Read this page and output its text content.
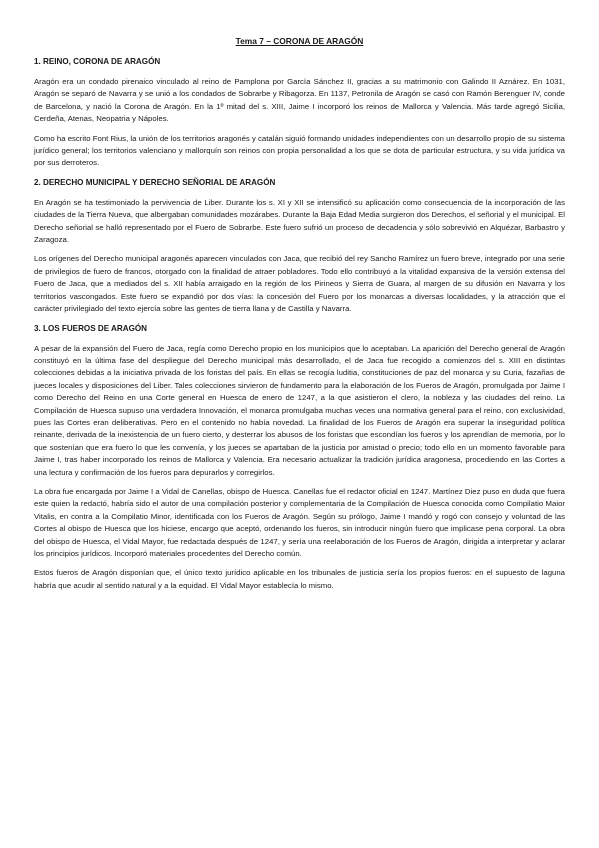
Tema 7 – CORONA DE ARAGÓN
1. REINO, CORONA DE ARAGÓN

Aragón era un condado pirenaico vinculado al reino de Pamplona por García Sánchez II, gracias a su matrimonio con Galindo II Aznárez. En 1031, Aragón se separó de Navarra y se unió a los condados de Sobrarbe y Ribagorza. En 1137, Petronila de Aragón se casó con Ramón Berenguer IV, conde de Barcelona, y nació la Corona de Aragón. En la 1º mitad del s. XIII, Jaime I incorporó los reinos de Mallorca y Valencia. Más tarde agregó Sicilia, Cerdeña, Atenas, Neopatria y Nápoles.

Como ha escrito Font Rius, la unión de los territorios aragonés y catalán siguió formando unidades independientes con un desarrollo propio de su sistema jurídico general; los territorios valenciano y mallorquín son reinos con propia personalidad a los que se dota de particular estructura, y su vida jurídica va por sus derroteros.

2. DERECHO MUNICIPAL Y DERECHO SEÑORIAL DE ARAGÓN

En Aragón se ha testimoniado la pervivencia de Liber. Durante los s. XI y XII se intensificó su aplicación como consecuencia de la incorporación de las ciudades de la Tierra Nueva, que albergaban comunidades mozárabes. Durante la Baja Edad Media surgieron dos Derechos, el señorial y el municipal. El Derecho señorial se halló representado por el Fuero de Sobrarbe. Este fuero sufrió un proceso de decadencia y sólo sobrevivió en Alquézar, Barbastro y Zaragoza.

Los orígenes del Derecho municipal aragonés aparecen vinculados con Jaca, que recibió del rey Sancho Ramírez un fuero breve, integrado por una serie de privilegios de fuero de francos, otorgado con la finalidad de atraer pobladores. Todo ello contribuyó a la vitalidad expansiva de la versión extensa del Fuero de Jaca, que a mediados del s. XII había arraigado en la región de los Pirineos y Sierra de Guara, al margen de su difusión en Navarra y los territorios vascongados. Este fuero se expandió por dos vías: la concesión del Fuero por los monarcas a diversas localidades, y la atracción que el carácter privilegiado del texto ejercía sobre las gentes de tierra llana y de Castilla y Navarra.

3. LOS FUEROS DE ARAGÓN

A pesar de la expansión del Fuero de Jaca, regía como Derecho propio en los municipios que lo aceptaban. La aparición del Derecho general de Aragón constituyó en la última fase del despliegue del Derecho municipal más desarrollado, el de Jaca fue recogido a comienzos del s. XIII en distintas colecciones debidas a la iniciativa privada de los foristas del país. En ellas se recogía luditia, constituciones de paz del monarca y su Curia, fazañas de jueces locales y disposiciones del Liber. Tales colecciones sirvieron de fundamento para la elaboración de los Fueros de Aragón, promulgada por Jaime I como Derecho del Reino en una Corte general en Huesca de enero de 1247, a la que asistieron el clero, la nobleza y las ciudades del reino. La Compilación de Huesca supuso una verdadera Innovación, el monarca promulgaba muchas veces una normativa general para el reino, con exclusividad, pues las Cortes eran deliberativas. Pero en el contenido no había novedad. La finalidad de los Fueros de Aragón era superar la inseguridad política reinante, derivada de la inexistencia de un fuero cierto, y desterrar los abusos de los foristas que escondían los fueros y los aprendían de memoria, por lo que sostenían que era fuero lo que les convenía, y los jueces se apartaban de la justicia por amistad o precio; todo ello en un momento favorable para Jaime I, tras haber incorporado los reinos de Mallorca y Valencia. Era necesario actualizar la tradición jurídica aragonesa, procediendo en las Cortes a una lectura y confirmación de los fueros para depurarlos y corregirlos.

La obra fue encargada por Jaime I a Vidal de Canellas, obispo de Huesca. Canellas fue el redactor oficial en 1247. Martínez Diez puso en duda que fuera este quien la redactó, habría sido el autor de una compilación posterior y complementaria de la Compilación de Huesca conocida como Compilatio Maior Vitalis, en contra a la Compilatio Minor, identificada con los Fueros de Aragón. Según su prólogo, Jaime I mandó y rogó con consejo y voluntad de las Cortes al obispo de Huesca que los hiciese, encargo que aceptó, ordenando los fueros, sin introducir ningún fuero que implicase pena corporal. La obra del obispo de Huesca, el Vidal Mayor, fue redactada después de 1247, y sería una reelaboración de los Fueros de Aragón, dirigida a interpretar y aclarar los principios jurídicos. Incorporó materiales procedentes del Derecho común.

Estos fueros de Aragón disponían que, el único texto jurídico aplicable en los tribunales de justicia sería los propios fueros: en el supuesto de laguna habría que acudir al sentido natural y a la equidad. El Vidal Mayor establecía lo mismo.
